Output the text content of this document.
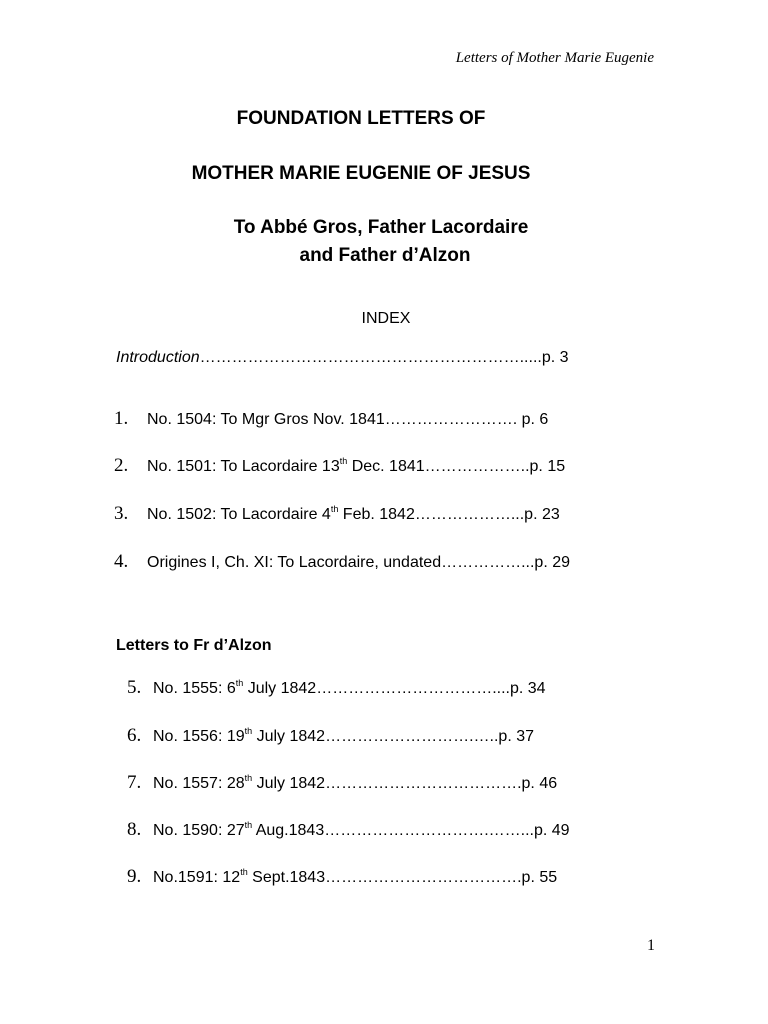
Letters of Mother Marie Eugenie
FOUNDATION LETTERS OF
MOTHER MARIE EUGENIE OF JESUS
To Abbé Gros, Father Lacordaire
and Father d’Alzon
INDEX
Introduction…………………………………………………….....p. 3
1. No. 1504: To Mgr Gros Nov. 1841……………………. p. 6
2. No. 1501: To Lacordaire 13th Dec. 1841………………..p. 15
3. No. 1502: To Lacordaire 4th Feb. 1842………………...p. 23
4. Origines I, Ch. XI: To Lacordaire, undated……………...p. 29
Letters to Fr d’Alzon
5. No. 1555: 6th July 1842……………………………....p. 34
6. No. 1556: 19th July 1842……………………….…..p. 37
7. No. 1557: 28th July 1842……………………………….p. 46
8. No. 1590: 27th Aug.1843………………………….……...p. 49
9. No.1591: 12th Sept.1843……………………………….p. 55
1
